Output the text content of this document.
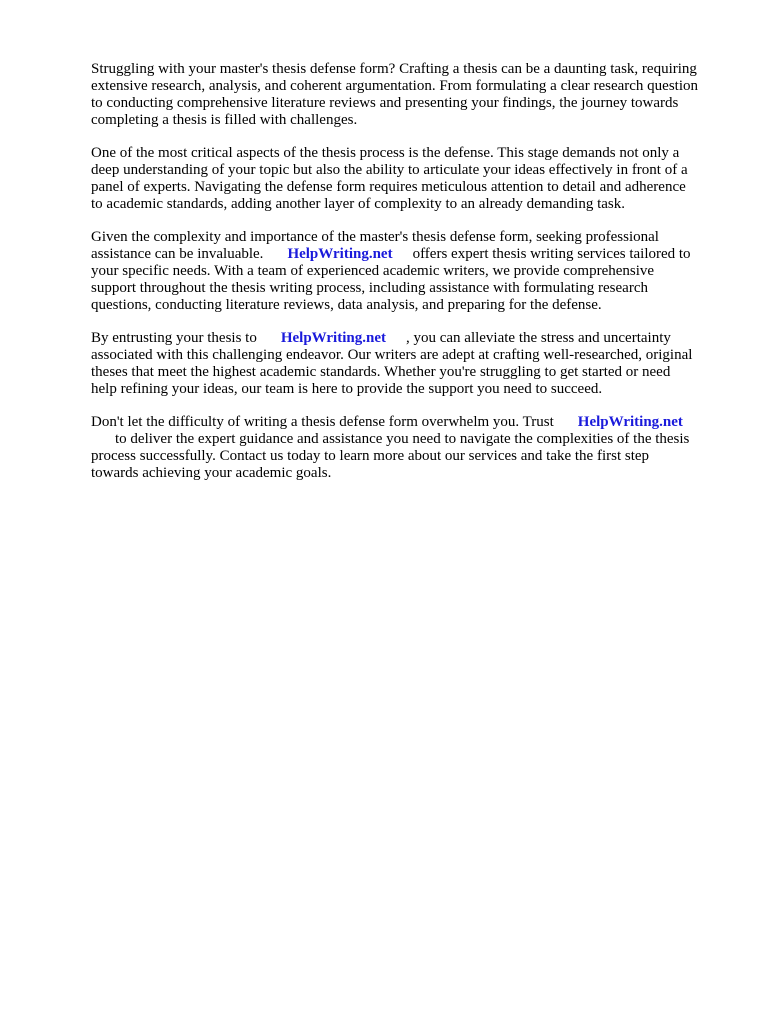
Struggling with your master's thesis defense form? Crafting a thesis can be a daunting task, requiring
extensive research, analysis, and coherent argumentation. From formulating a clear research question
to conducting comprehensive literature reviews and presenting your findings, the journey towards
completing a thesis is filled with challenges.

One of the most critical aspects of the thesis process is the defense. This stage demands not only a
deep understanding of your topic but also the ability to articulate your ideas effectively in front of a
panel of experts. Navigating the defense form requires meticulous attention to detail and adherence
to academic standards, adding another layer of complexity to an already demanding task.

Given the complexity and importance of the master's thesis defense form, seeking professional
assistance can be invaluable. HelpWriting.net offers expert thesis writing services tailored to
your specific needs. With a team of experienced academic writers, we provide comprehensive
support throughout the thesis writing process, including assistance with formulating research
questions, conducting literature reviews, data analysis, and preparing for the defense.

By entrusting your thesis to HelpWriting.net , you can alleviate the stress and uncertainty
associated with this challenging endeavor. Our writers are adept at crafting well-researched, original
theses that meet the highest academic standards. Whether you're struggling to get started or need
help refining your ideas, our team is here to provide the support you need to succeed.

Don't let the difficulty of writing a thesis defense form overwhelm you. Trust HelpWriting.net
to deliver the expert guidance and assistance you need to navigate the complexities of the thesis
process successfully. Contact us today to learn more about our services and take the first step
towards achieving your academic goals.
